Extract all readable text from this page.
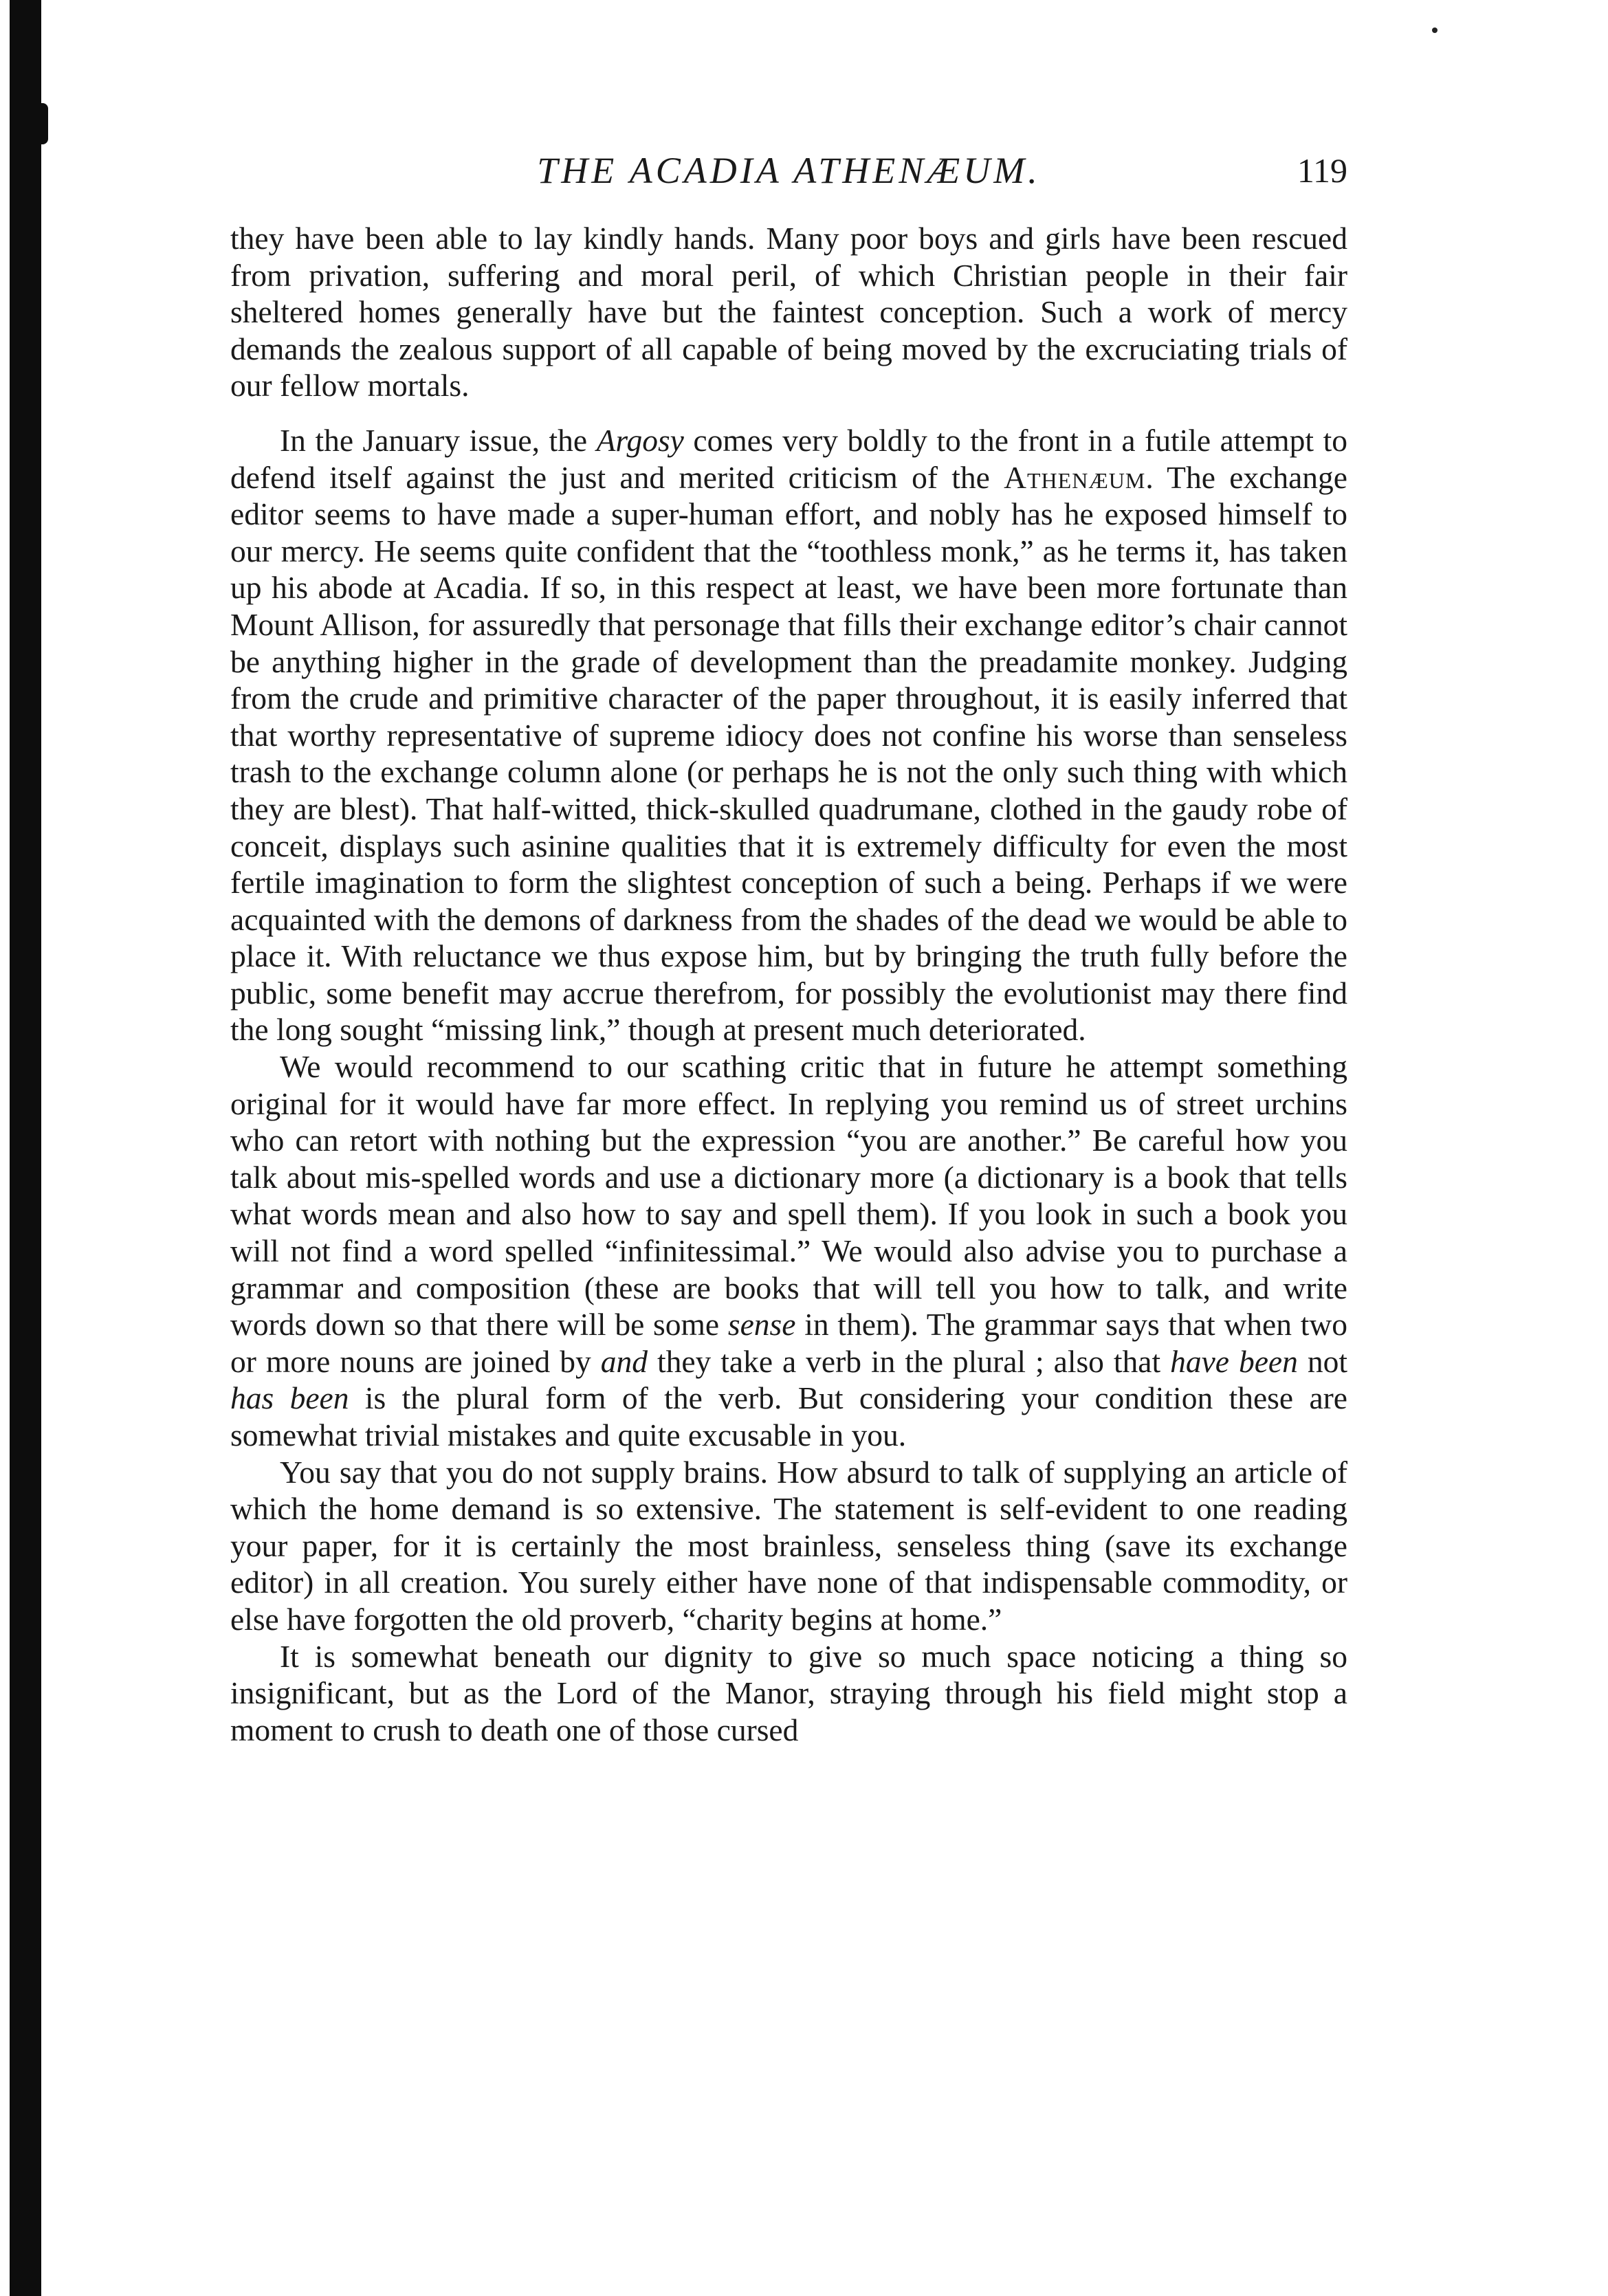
THE ACADIA ATHENÆUM.	119

they have been able to lay kindly hands. Many poor boys and girls have been rescued from privation, suffering and moral peril, of which Christian people in their fair sheltered homes generally have but the faintest conception. Such a work of mercy demands the zealous support of all capable of being moved by the excruciating trials of our fellow mortals.

In the January issue, the Argosy comes very boldly to the front in a futile attempt to defend itself against the just and merited criticism of the Athenæum. The exchange editor seems to have made a super-human effort, and nobly has he exposed himself to our mercy. He seems quite confident that the “toothless monk,” as he terms it, has taken up his abode at Acadia. If so, in this respect at least, we have been more fortunate than Mount Allison, for assuredly that personage that fills their exchange editor’s chair cannot be anything higher in the grade of development than the preadamite monkey. Judging from the crude and primitive character of the paper throughout, it is easily inferred that that worthy representative of supreme idiocy does not confine his worse than senseless trash to the exchange column alone (or perhaps he is not the only such thing with which they are blest). That half-witted, thick-skulled quadrumane, clothed in the gaudy robe of conceit, displays such asinine qualities that it is extremely difficulty for even the most fertile imagination to form the slightest conception of such a being. Perhaps if we were acquainted with the demons of darkness from the shades of the dead we would be able to place it. With reluctance we thus expose him, but by bringing the truth fully before the public, some benefit may accrue therefrom, for possibly the evolutionist may there find the long sought “missing link,” though at present much deteriorated.

We would recommend to our scathing critic that in future he attempt something original for it would have far more effect. In replying you remind us of street urchins who can retort with nothing but the expression “you are another.” Be careful how you talk about mis-spelled words and use a dictionary more (a dictionary is a book that tells what words mean and also how to say and spell them). If you look in such a book you will not find a word spelled “infinitessimal.” We would also advise you to purchase a grammar and composition (these are books that will tell you how to talk, and write words down so that there will be some sense in them). The grammar says that when two or more nouns are joined by and they take a verb in the plural ; also that have been not has been is the plural form of the verb. But considering your condition these are somewhat trivial mistakes and quite excusable in you.

You say that you do not supply brains. How absurd to talk of supplying an article of which the home demand is so extensive. The statement is self-evident to one reading your paper, for it is certainly the most brainless, senseless thing (save its exchange editor) in all creation. You surely either have none of that indispensable commodity, or else have forgotten the old proverb, “charity begins at home.”

It is somewhat beneath our dignity to give so much space noticing a thing so insignificant, but as the Lord of the Manor, straying through his field might stop a moment to crush to death one of those cursed
